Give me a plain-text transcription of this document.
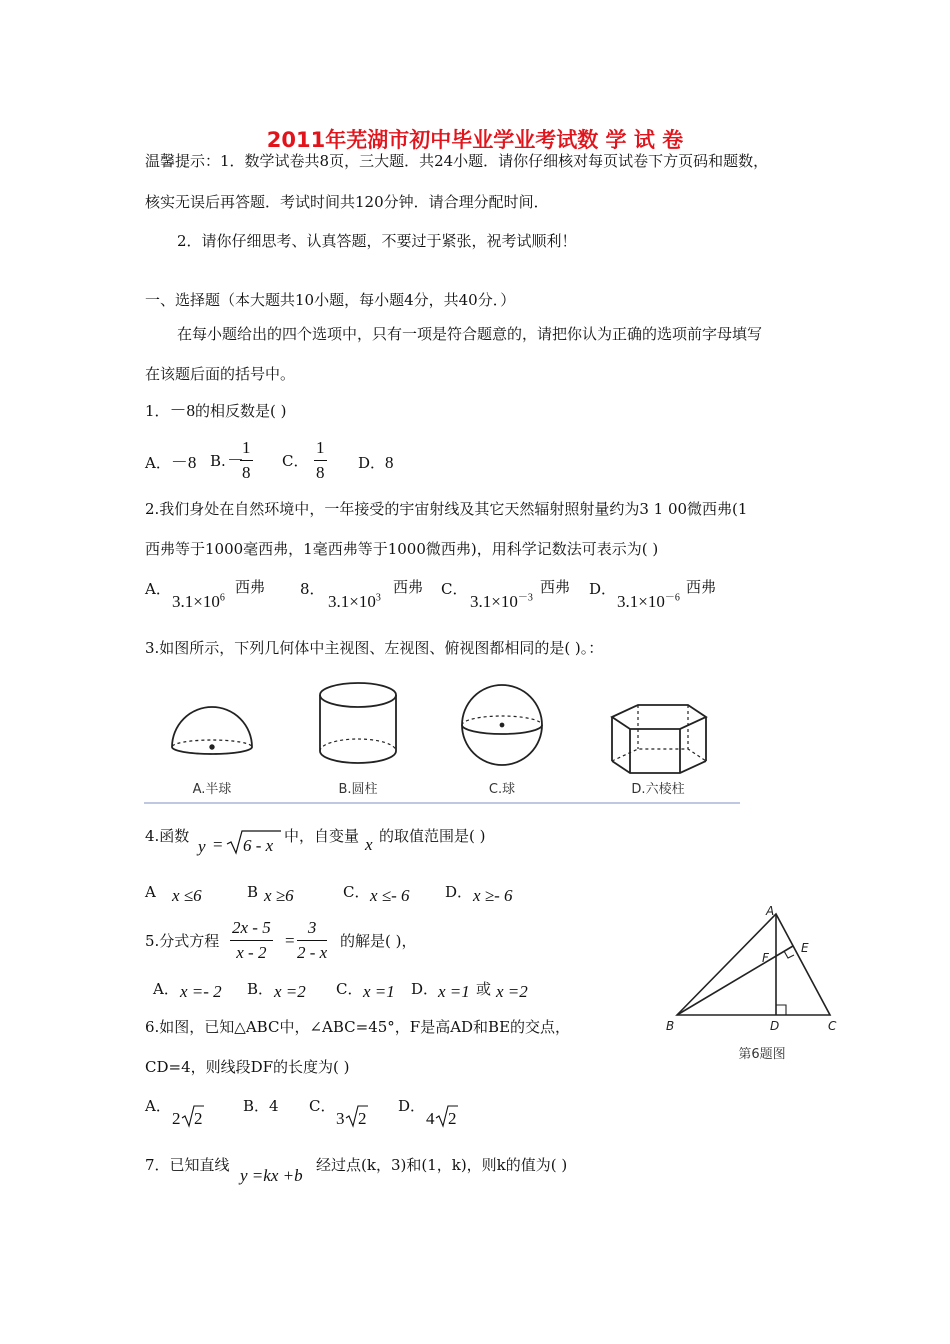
2011年芜湖市初中毕业学业考试数 学 试 卷
温馨提示：1．数学试卷共8页，三大题．共24小题．请你仔细核对每页试卷下方页码和题数，
核实无误后再答题．考试时间共120分钟．请合理分配时间．
2．请你仔细思考、认真答题，不要过于紧张，祝考试顺利！
一、选择题（本大题共10小题，每小题4分，共40分．）
在每小题给出的四个选项中，只有一项是符合题意的，请把你认为正确的选项前字母填写
在该题后面的括号中。
1．－8的相反数是( )
A．－8 B. －
$\frac{1}{8}$ C． $\frac{1}{8}$ D．8
2.我们身处在自然环境中，一年接受的宇宙射线及其它天然辐射照射量约为3 1 00微西弗(1
西弗等于1000毫西弗，1毫西弗等于1000微西弗)，用科学记数法可表示为( )
A．
$3.1\times 10^6$
西弗 8．
$3.1\times 10^3$
西弗 C．
$3.1\times 10^{-3}$
西弗 D．
$3.1\times 10^{-6}$
西弗
3.如图所示，下列几何体中主视图、左视图、俯视图都相同的是( )。：
A.半球	B.圆柱	C.球	D.六棱柱
4.函数
y = 6 - x 中，自变量 x 的取值范围是( )
A x ≤6	B x ≥6	C． x ≤- 6 D． x ≥- 6
5.分式方程 $\frac{2x - 5}{x - 2} = \frac{3}{2 - x}$ 的解是( )，
A． x =- 2 B． x =2 C． x =1 D． x =1 或 x =2
A
B	C
D
E
F
第6题图
6.如图，已知△ABC中，∠ABC=45°，F是高AD和BE的交点，
CD=4，则线段DF的长度为( )
A．
2 2
B．4 C．
3 2
D．
4 2
7．已知直线
y =kx +b
经过点(k，3)和(1，k)，则k的值为( )
